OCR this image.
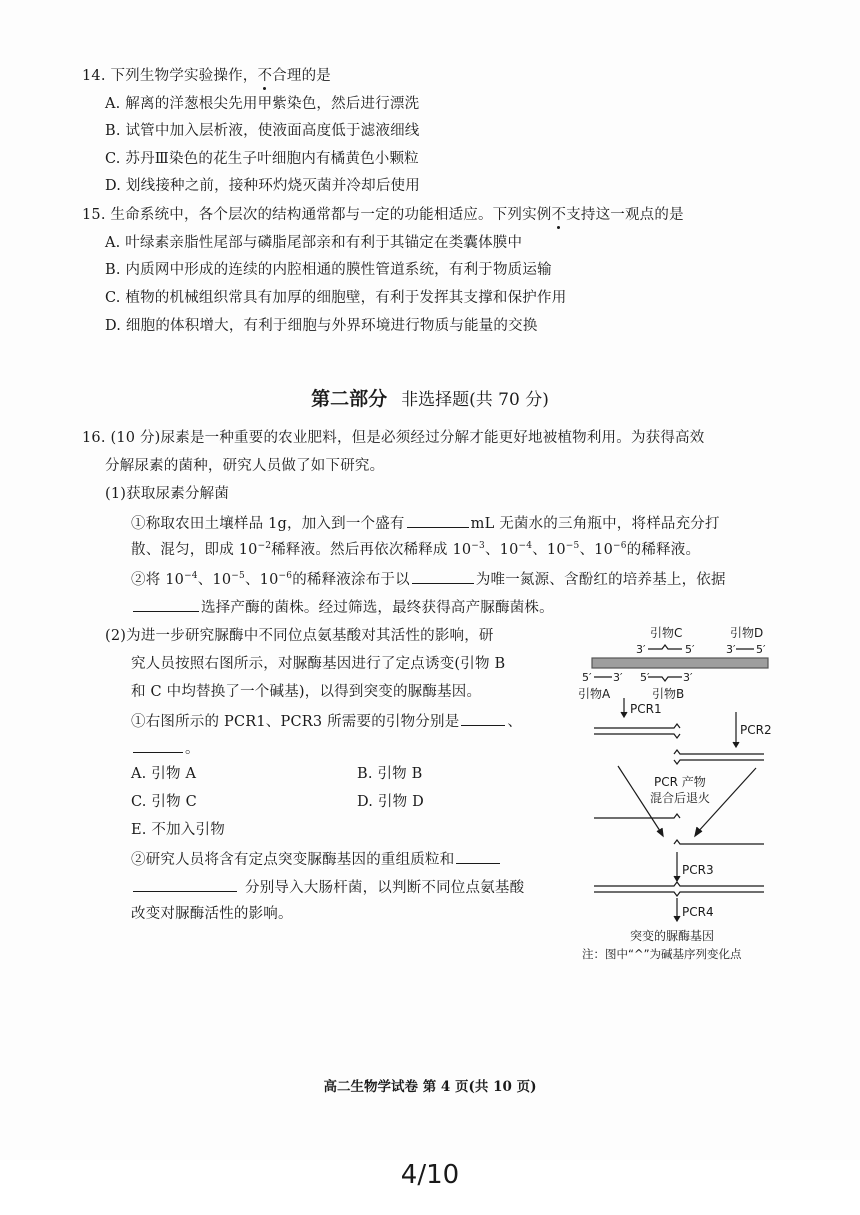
14. 下列生物学实验操作，不合理的是
A. 解离的洋葱根尖先用甲紫染色，然后进行漂洗
B. 试管中加入层析液，使液面高度低于滤液细线
C. 苏丹Ⅲ染色的花生子叶细胞内有橘黄色小颗粒
D. 划线接种之前，接种环灼烧灭菌并冷却后使用
15. 生命系统中，各个层次的结构通常都与一定的功能相适应。下列实例不支持这一观点的是
A. 叶绿素亲脂性尾部与磷脂尾部亲和有利于其锚定在类囊体膜中
B. 内质网中形成的连续的内腔相通的膜性管道系统，有利于物质运输
C. 植物的机械组织常具有加厚的细胞壁，有利于发挥其支撑和保护作用
D. 细胞的体积增大，有利于细胞与外界环境进行物质与能量的交换
第二部分 非选择题(共 70 分)
16. (10 分)尿素是一种重要的农业肥料，但是必须经过分解才能更好地被植物利用。为获得高效
分解尿素的菌种，研究人员做了如下研究。
(1)获取尿素分解菌
①称取农田土壤样品 1g，加入到一个盛有	mL 无菌水的三角瓶中，将样品充分打
散、混匀，即成 $10^{-2}$稀释液。然后再依次稀释成 $10^{-3}$、$10^{-4}$、$10^{-5}$、$10^{-6}$的稀释液。
②将 $10^{-4}$、$10^{-5}$、$10^{-6}$的稀释液涂布于以	为唯一氮源、含酚红的培养基上，依据
选择产酶的菌株。经过筛选，最终获得高产脲酶菌株。
(2)为进一步研究脲酶中不同位点氨基酸对其活性的影响，研
究人员按照右图所示，对脲酶基因进行了定点诱变(引物 B
和 C 中均替换了一个碱基)，以得到突变的脲酶基因。
①右图所示的 PCR1、PCR3 所需要的引物分别是	、
。
A. 引物 A	B. 引物 B
C. 引物 C	D. 引物 D
E. 不加入引物
②研究人员将含有定点突变脲酶基因的重组质粒和
分别导入大肠杆菌，以判断不同位点氨基酸
改变对脲酶活性的影响。
引物C	引物D
3′	5′	3′ 5′
5′ 3′ 5′	3′
引物A	引物B
PCR1
PCR2
PCR 产物
混合后退火
PCR3
PCR4
突变的脲酶基因
注：图中“^”为碱基序列变化点
高二生物学试卷 第 4 页(共 10 页)
4/10
